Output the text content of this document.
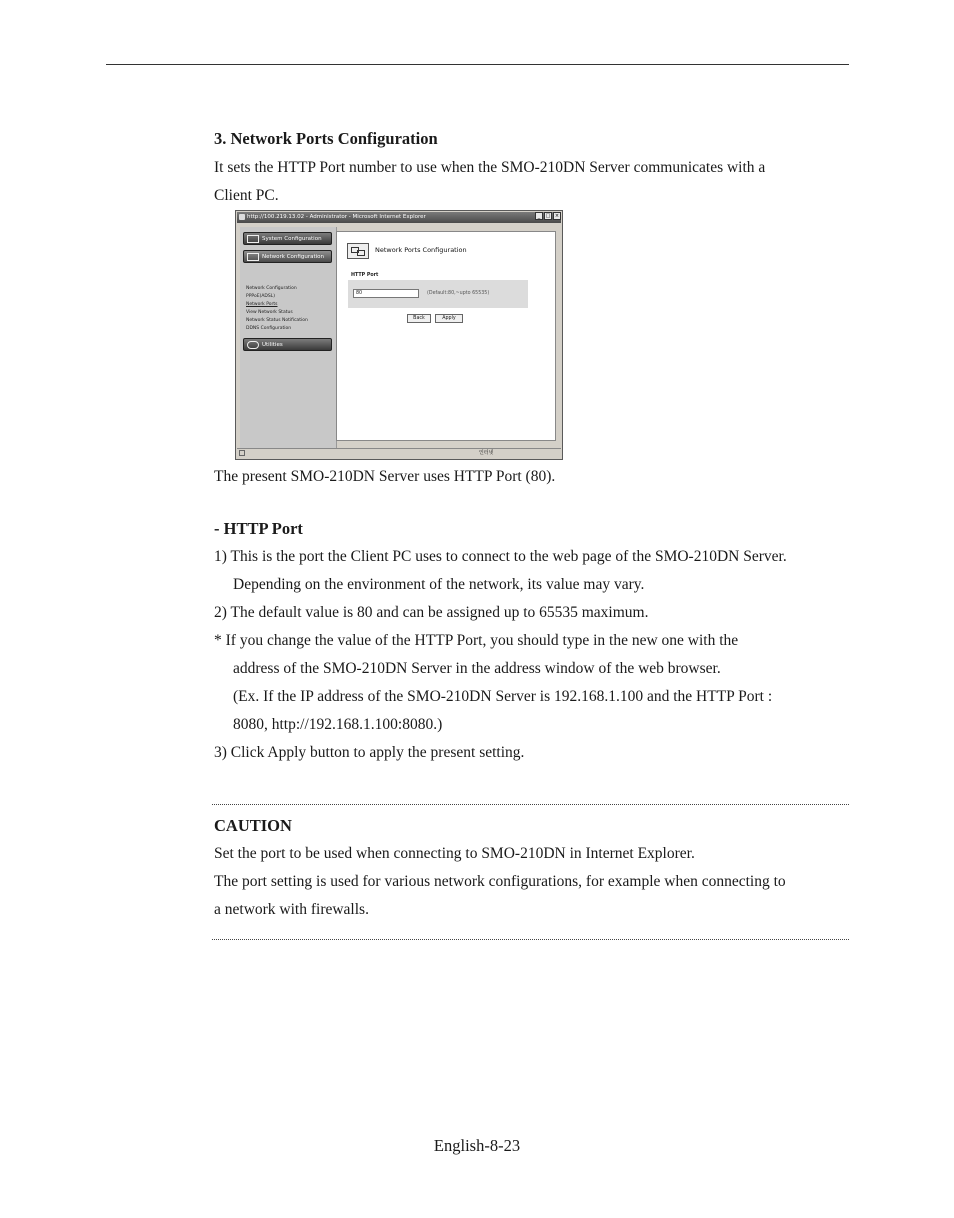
3. Network Ports Configuration

It sets the HTTP Port number to use when the SMO-210DN Server communicates with a

Client PC.

http://100.219.13.02 - Administrator - Microsoft Internet Explorer	_	□ ×
System Configuration
Network Configuration
Network Configuration
PPPoE(ADSL)
Network Ports
View Network Status
Network Status Notification
DDNS Configuration
Utilities
Network Ports Configuration
HTTP Port
80	(Default:80,~upto 65535)
Back	Apply
인터넷
The present SMO-210DN Server uses HTTP Port (80).
- HTTP Port

1) This is the port the Client PC uses to connect to the web page of the SMO-210DN Server.

Depending on the environment of the network, its value may vary.

2) The default value is 80 and can be assigned up to 65535 maximum.

* If you change the value of the HTTP Port, you should type in the new one with the

address of the SMO-210DN Server in the address window of the web browser.

(Ex. If the IP address of the SMO-210DN Server is 192.168.1.100 and the HTTP Port :

8080, http://192.168.1.100:8080.)

3) Click Apply button to apply the present setting.

CAUTION

Set the port to be used when connecting to SMO-210DN in Internet Explorer.

The port setting is used for various network configurations, for example when connecting to

a network with firewalls.

English-8-23
